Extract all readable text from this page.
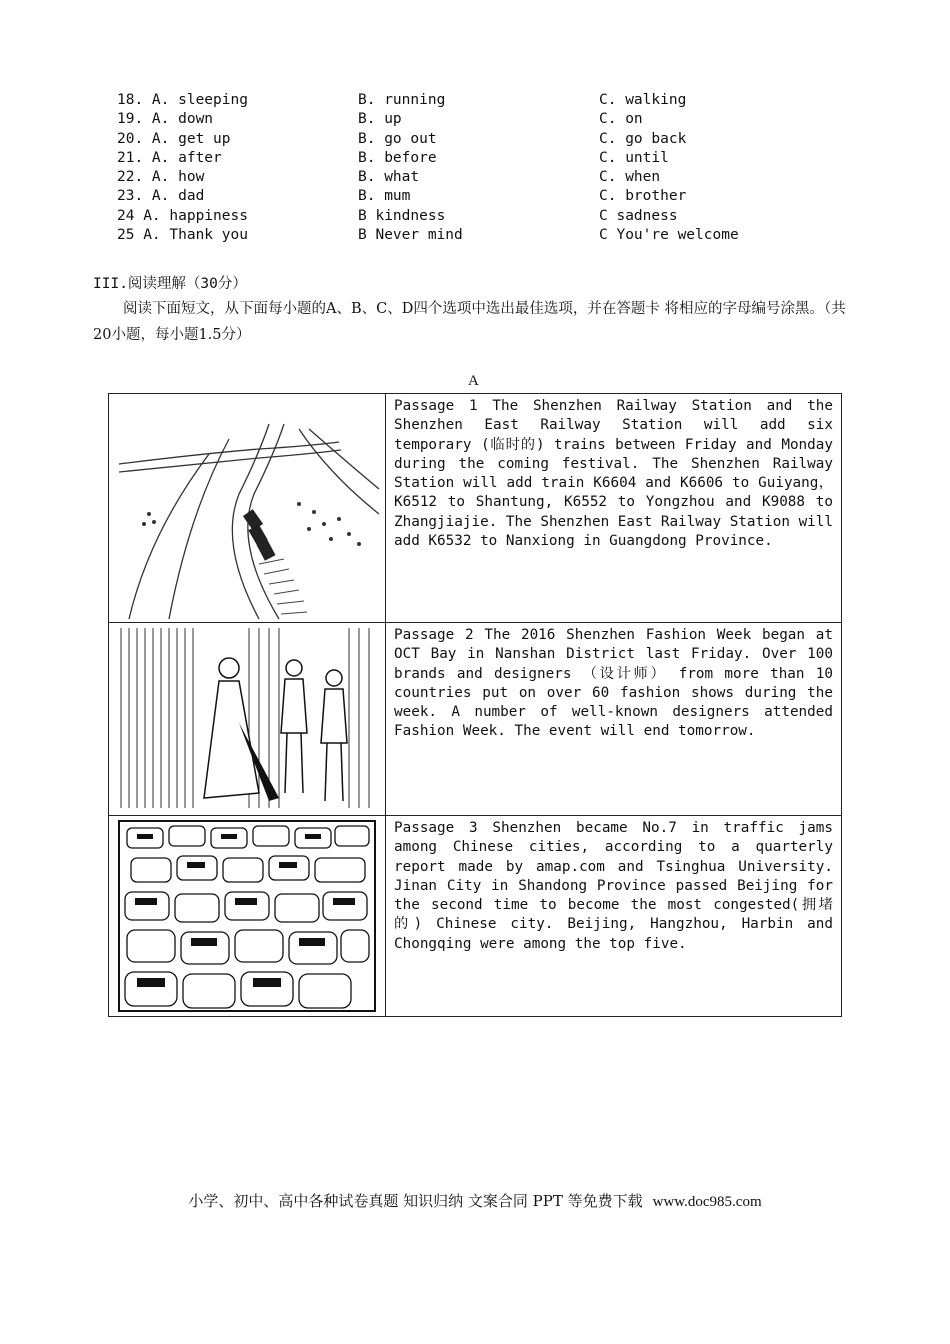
18. A. sleeping	B. running	C. walking
19. A. down	B. up	C. on
20. A. get up	B. go out	C. go back
21. A. after	B. before	C. until
22. A. how	B. what	C. when
23. A. dad	B. mum	C. brother
24 A. happiness	B kindness	C sadness
25 A. Thank you	B Never mind	C You're welcome
III.阅读理解（30分）
阅读下面短文，从下面每小题的A、B、C、D四个选项中选出最佳选项，并在答题卡 将相应的字母编号涂黑。（共20小题，每小题1.5分）
A
	Passage 1 The Shenzhen Railway Station and the Shenzhen East Railway Station will add six temporary (临时的) trains between Friday and Monday during the coming festival. The Shenzhen Railway Station will add train K6604 and K6606 to Guiyang， K6512 to Shantung, K6552 to Yongzhou and K9088 to Zhangjiajie. The Shenzhen East Railway Station will add K6532 to Nanxiong in Guangdong Province.

	Passage 2 The 2016 Shenzhen Fashion Week began at OCT Bay in Nanshan District last Friday. Over 100 brands and designers （设计师） from more than 10 countries put on over 60 fashion shows during the week. A number of well-known designers attended Fashion Week. The event will end tomorrow.

	Passage 3 Shenzhen became No.7 in traffic jams among Chinese cities, according to a quarterly report made by amap.com and Tsinghua University. Jinan City in Shandong Province passed Beijing for the second time to become the most congested(拥堵 的) Chinese city. Beijing, Hangzhou, Harbin and Chongqing were among the top five.
小学、初中、高中各种试卷真题 知识归纳 文案合同 PPT 等免费下载 www.doc985.com
